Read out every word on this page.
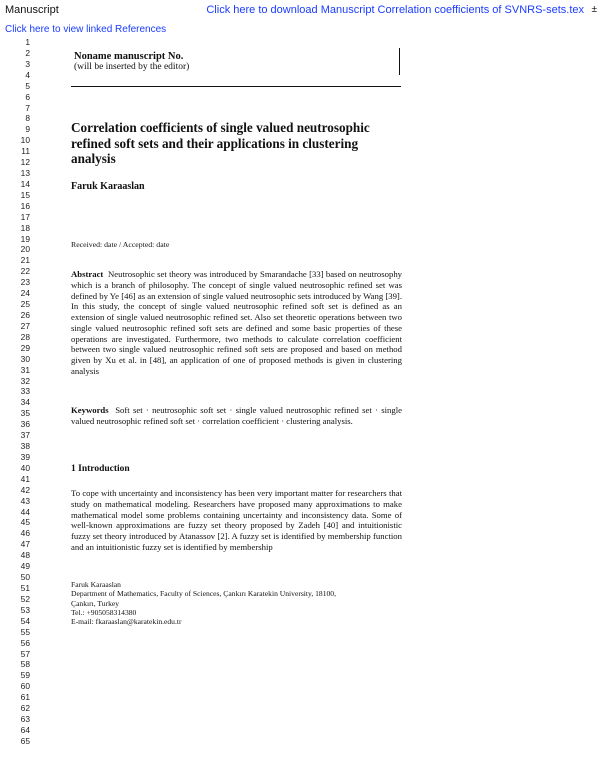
Manuscript	Click here to download Manuscript Correlation coefficients of SVNRS-sets.tex ±
Click here to view linked References
1
2
3
4
5
6
7
8
9
10
11
12
13
14
15
16
17
18
19
20
21
22
23
24
25
26
27
28
29
30
31
32
33
34
35
36
37
38
39
40
41
42
43
44
45
46
47
48
49
50
51
52
53
54
55
56
57
58
59
60
61
62
63
64
65
Noname manuscript No.
(will be inserted by the editor)
Correlation coefficients of single valued neutrosophic refined soft sets and their applications in clustering analysis
Faruk Karaaslan
Received: date / Accepted: date
Abstract Neutrosophic set theory was introduced by Smarandache [33] based on neutrosophy which is a branch of philosophy. The concept of single valued neutrosophic refined set was defined by Ye [46] as an extension of single valued neutrosophic sets introduced by Wang [39]. In this study, the concept of single valued neutrosophic refined soft set is defined as an extension of single valued neutrosophic refined set. Also set theoretic operations between two single valued neutrosophic refined soft sets are defined and some basic properties of these operations are investigated. Furthermore, two methods to calculate correlation coefficient between two single valued neutrosophic refined soft sets are proposed and based on method given by Xu et al. in [48], an application of one of proposed methods is given in clustering analysis
Keywords Soft set · neutrosophic soft set · single valued neutrosophic refined set · single valued neutrosophic refined soft set · correlation coefficient · clustering analysis.
1 Introduction
To cope with uncertainty and inconsistency has been very important matter for researchers that study on mathematical modeling. Researchers have proposed many approximations to make mathematical model some problems containing uncertainty and inconsistency data. Some of well-known approximations are fuzzy set theory proposed by Zadeh [40] and intuitionistic fuzzy set theory introduced by Atanassov [2]. A fuzzy set is identified by membership function and an intuitionistic fuzzy set is identified by membership
Faruk Karaaslan
Department of Mathematics, Faculty of Sciences, Çankırı Karatekin University, 18100,
Çankırı, Turkey
Tel.: +905058314380
E-mail: fkaraaslan@karatekin.edu.tr
